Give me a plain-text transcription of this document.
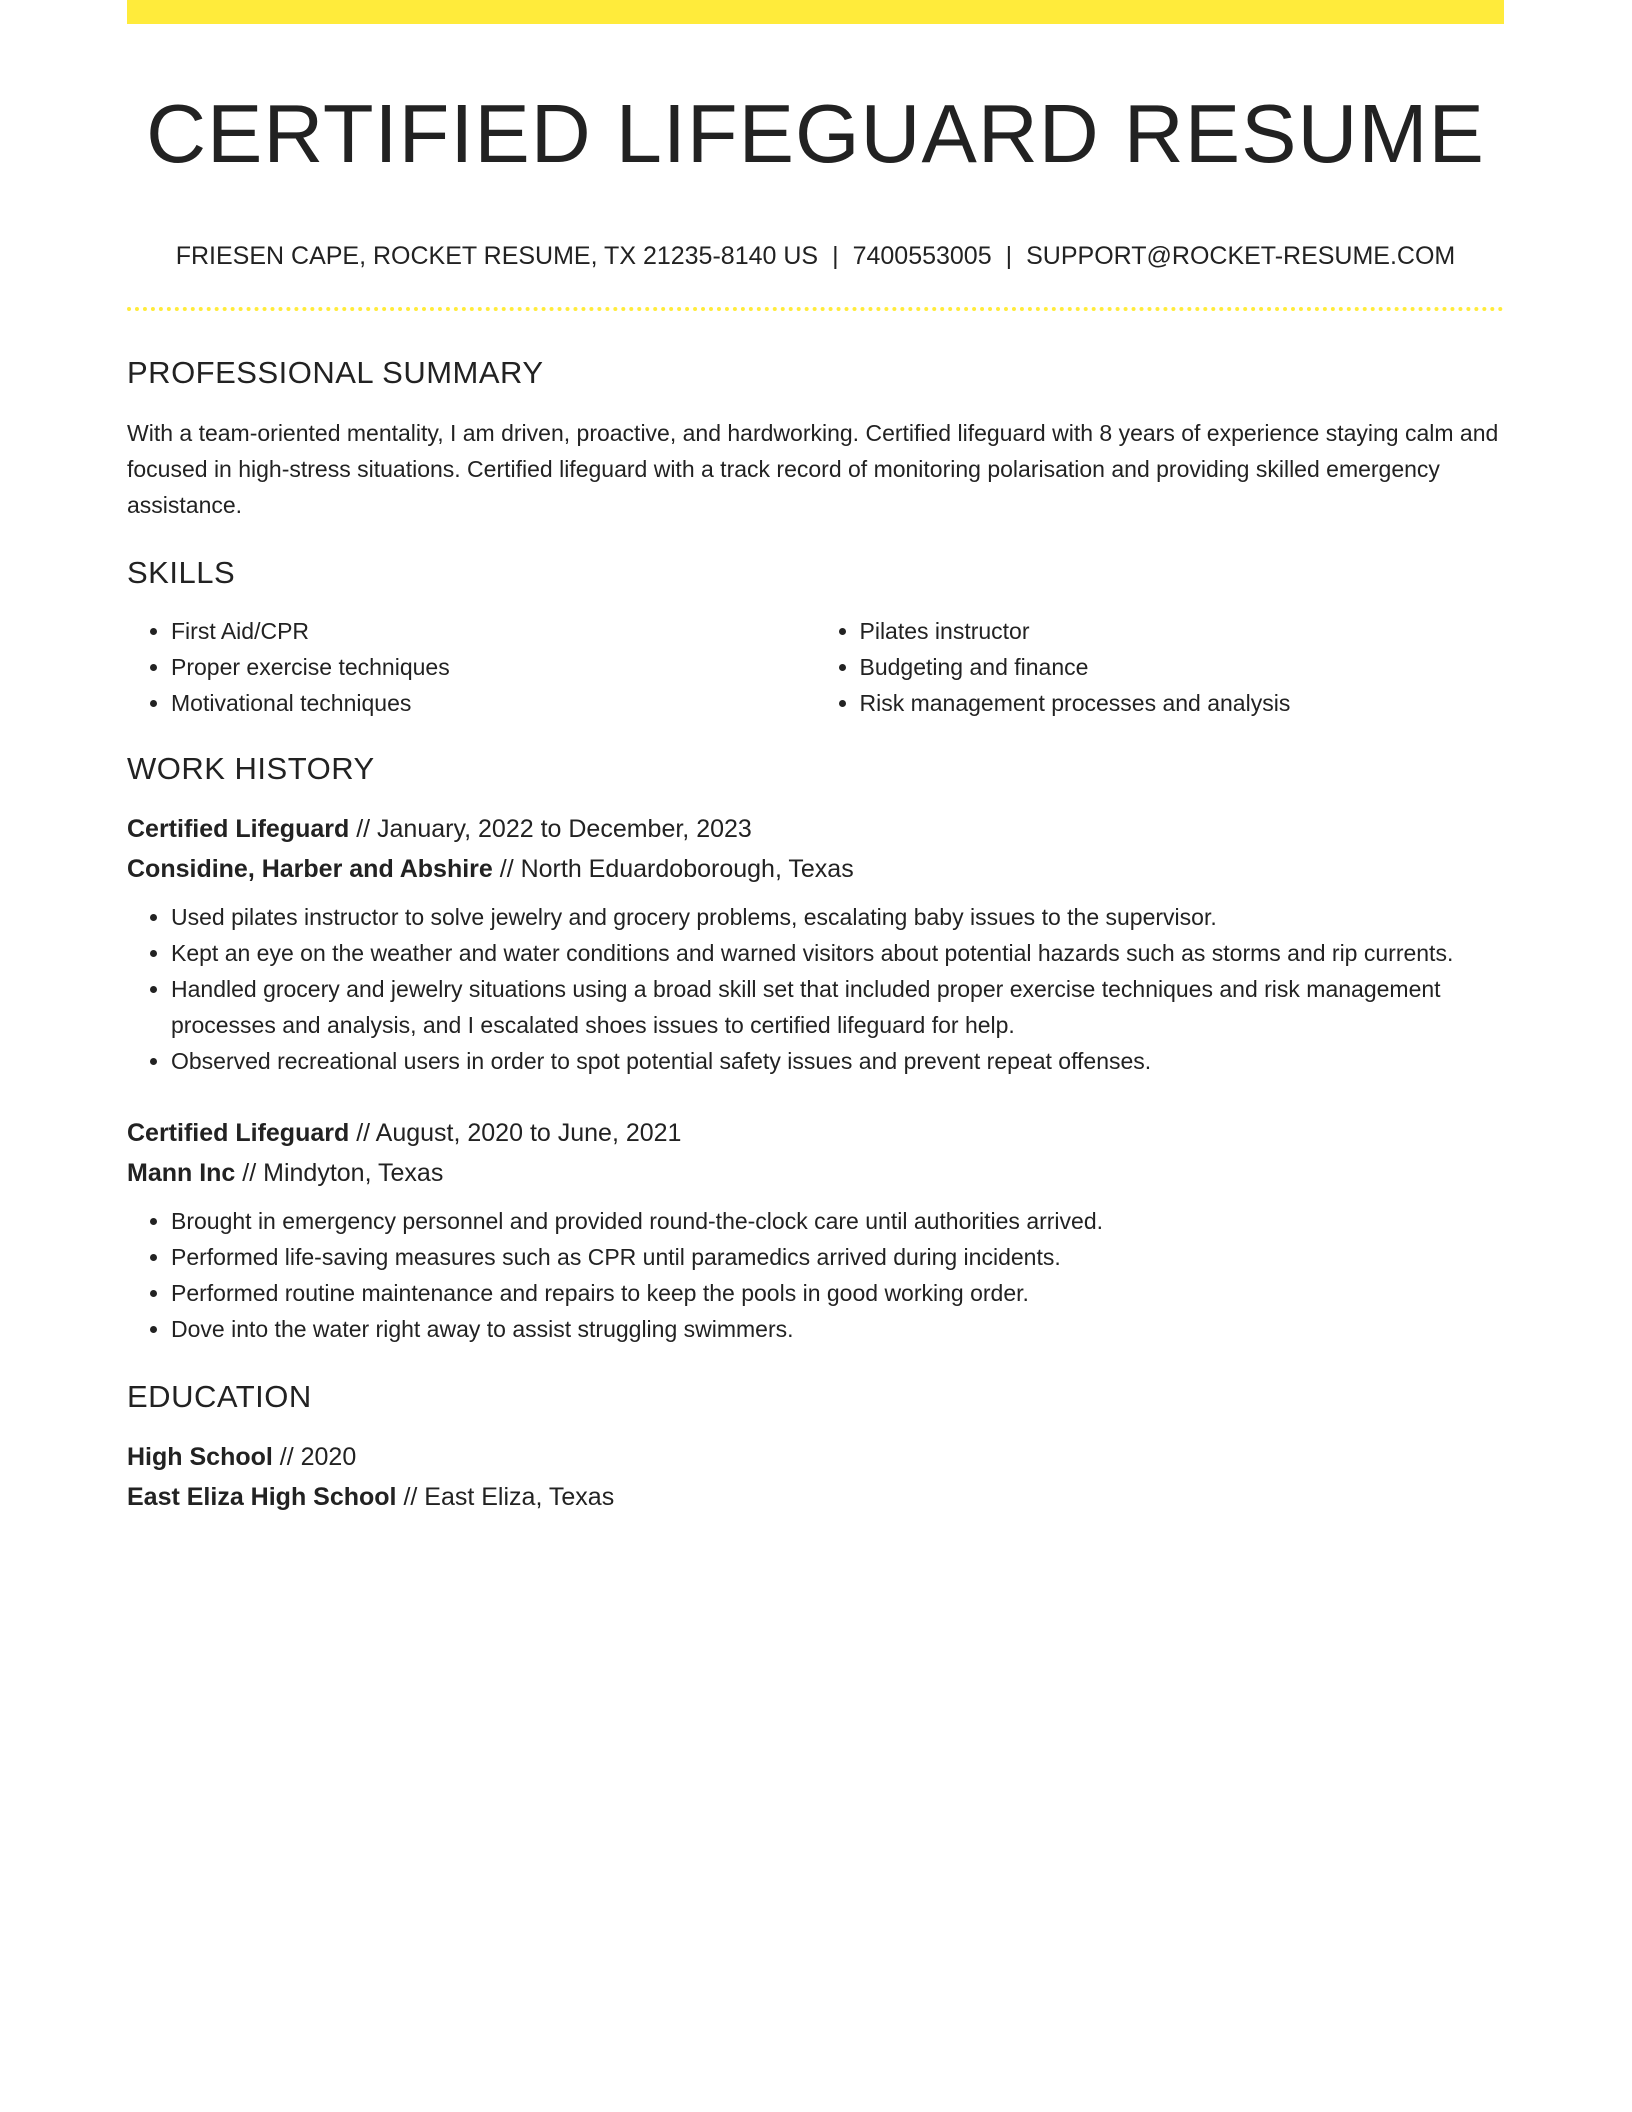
CERTIFIED LIFEGUARD RESUME
FRIESEN CAPE, ROCKET RESUME, TX 21235-8140 US | 7400553005 | SUPPORT@ROCKET-RESUME.COM
PROFESSIONAL SUMMARY

With a team-oriented mentality, I am driven, proactive, and hardworking. Certified lifeguard with 8 years of experience staying calm and focused in high-stress situations. Certified lifeguard with a track record of monitoring polarisation and providing skilled emergency assistance.

SKILLS
• First Aid/CPR
• Proper exercise techniques
• Motivational techniques
• Pilates instructor
• Budgeting and finance
• Risk management processes and analysis
WORK HISTORY
Certified Lifeguard // January, 2022 to December, 2023
Considine, Harber and Abshire // North Eduardoborough, Texas
• Used pilates instructor to solve jewelry and grocery problems, escalating baby issues to the supervisor.
• Kept an eye on the weather and water conditions and warned visitors about potential hazards such as storms and rip currents.
• Handled grocery and jewelry situations using a broad skill set that included proper exercise techniques and risk management processes and analysis, and I escalated shoes issues to certified lifeguard for help.
• Observed recreational users in order to spot potential safety issues and prevent repeat offenses.
Certified Lifeguard // August, 2020 to June, 2021
Mann Inc // Mindyton, Texas
• Brought in emergency personnel and provided round-the-clock care until authorities arrived.
• Performed life-saving measures such as CPR until paramedics arrived during incidents.
• Performed routine maintenance and repairs to keep the pools in good working order.
• Dove into the water right away to assist struggling swimmers.
EDUCATION
High School // 2020
East Eliza High School // East Eliza, Texas
